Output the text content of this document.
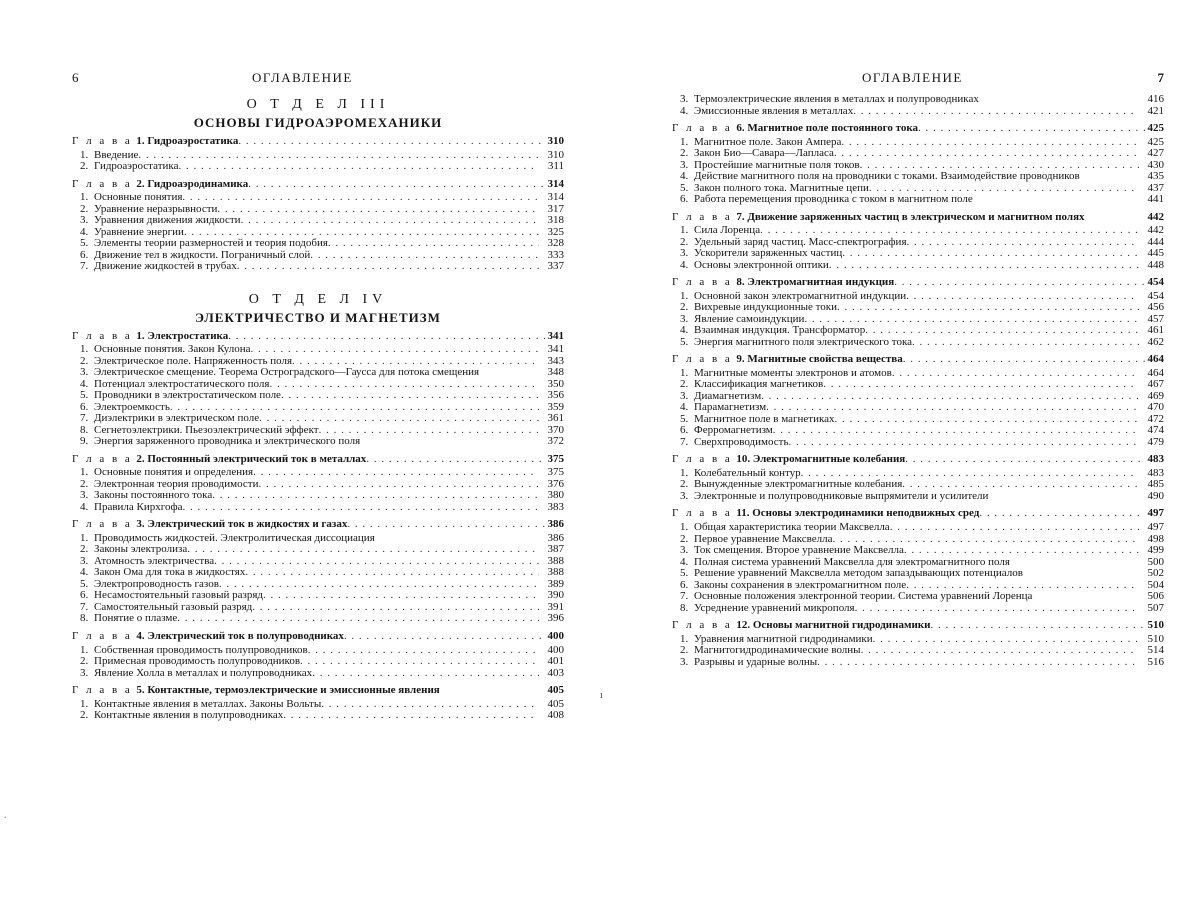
6	ОГЛАВЛЕНИЕ
О Т Д Е Л III
ОСНОВЫ ГИДРОАЭРОМЕХАНИКИ
Г л а в а 1. Гидроаэростатика . . .	310
1. Введение . . .	310
2. Гидроаэростатика . . .	311
Г л а в а 2. Гидроаэродинамика . . .	314
1. Основные понятия . . .	314
2. Уравнение неразрывности . . .	317
3. Уравнения движения жидкости . . .	318
4. Уравнение энергии . . .	325
5. Элементы теории размерностей и теория подобия . . .	328
6. Движение тел в жидкости. Пограничный слой . . .	333
7. Движение жидкостей в трубах . . .	337
О Т Д Е Л IV
ЭЛЕКТРИЧЕСТВО И МАГНЕТИЗМ
Г л а в а 1. Электростатика . . .	341
1. Основные понятия. Закон Кулона . . .	341
2. Электрическое поле. Напряженность поля . . .	343
3. Электрическое смещение. Теорема Остроградского—Гаусса для потока смещения	348
4. Потенциал электростатического поля . . .	350
5. Проводники в электростатическом поле . . .	356
6. Электроемкость . . .	359
7. Диэлектрики в электрическом поле . . .	361
8. Сегнетоэлектрики. Пьезоэлектрический эффект . . .	370
9. Энергия заряженного проводника и электрического поля	372
Г л а в а 2. Постоянный электрический ток в металлах . . .	375
1. Основные понятия и определения . . .	375
2. Электронная теория проводимости . . .	376
3. Законы постоянного тока . . .	380
4. Правила Кирхгофа . . .	383
Г л а в а 3. Электрический ток в жидкостях и газах . . .	386
1. Проводимость жидкостей. Электролитическая диссоциация	386
2. Законы электролиза . . .	387
3. Атомность электричества . . .	388
4. Закон Ома для тока в жидкостях . . .	388
5. Электропроводность газов . . .	389
6. Несамостоятельный газовый разряд . . .	390
7. Самостоятельный газовый разряд . . .	391
8. Понятие о плазме . . .	396
Г л а в а 4. Электрический ток в полупроводниках . . .	400
1. Собственная проводимость полупроводников . . .	400
2. Примесная проводимость полупроводников . . .	401
3. Явление Холла в металлах и полупроводниках . . .	403
Г л а в а 5. Контактные, термоэлектрические и эмиссионные явления	405
1. Контактные явления в металлах. Законы Вольты . . .	405
2. Контактные явления в полупроводниках . . .	408
ОГЛАВЛЕНИЕ	7
3. Термоэлектрические явления в металлах и полупроводниках	416
4. Эмиссионные явления в металлах . . .	421
Г л а в а 6. Магнитное поле постоянного тока . . .	425
1. Магнитное поле. Закон Ампера . . .	425
2. Закон Био—Савара—Лапласа . . .	427
3. Простейшие магнитные поля токов . . .	430
4. Действие магнитного поля на проводники с токами. Взаимодействие проводников	435
5. Закон полного тока. Магнитные цепи . . .	437
6. Работа перемещения проводника с током в магнитном поле	441
Г л а в а 7. Движение заряженных частиц в электрическом и магнитном полях	442
1. Сила Лоренца . . .	442
2. Удельный заряд частиц. Масс-спектрография . . .	444
3. Ускорители заряженных частиц . . .	445
4. Основы электронной оптики . . .	448
Г л а в а 8. Электромагнитная индукция . . .	454
1. Основной закон электромагнитной индукции . . .	454
2. Вихревые индукционные токи . . .	456
3. Явление самоиндукции . . .	457
4. Взаимная индукция. Трансформатор . . .	461
5. Энергия магнитного поля электрического тока . . .	462
Г л а в а 9. Магнитные свойства вещества . . .	464
1. Магнитные моменты электронов и атомов . . .	464
2. Классификация магнетиков . . .	467
3. Диамагнетизм . . .	469
4. Парамагнетизм . . .	470
5. Магнитное поле в магнетиках . . .	472
6. Ферромагнетизм . . .	474
7. Сверхпроводимость . . .	479
Г л а в а 10. Электромагнитные колебания . . .	483
1. Колебательный контур . . .	483
2. Вынужденные электромагнитные колебания . . .	485
3. Электронные и полупроводниковые выпрямители и усилители	490
Г л а в а 11. Основы электродинамики неподвижных сред . . .	497
1. Общая характеристика теории Максвелла . . .	497
2. Первое уравнение Максвелла . . .	498
3. Ток смещения. Второе уравнение Максвелла . . .	499
4. Полная система уравнений Максвелла для электромагнитного поля	500
5. Решение уравнений Максвелла методом запаздывающих потенциалов	502
6. Законы сохранения в электромагнитном поле . . .	504
7. Основные положения электронной теории. Система уравнений Лоренца	506
8. Усреднение уравнений микрополя . . .	507
Г л а в а 12. Основы магнитной гидродинамики . . .	510
1. Уравнения магнитной гидродинамики . . .	510
2. Магнитогидродинамические волны . . .	514
3. Разрывы и ударные волны . . .	516
ı
.
